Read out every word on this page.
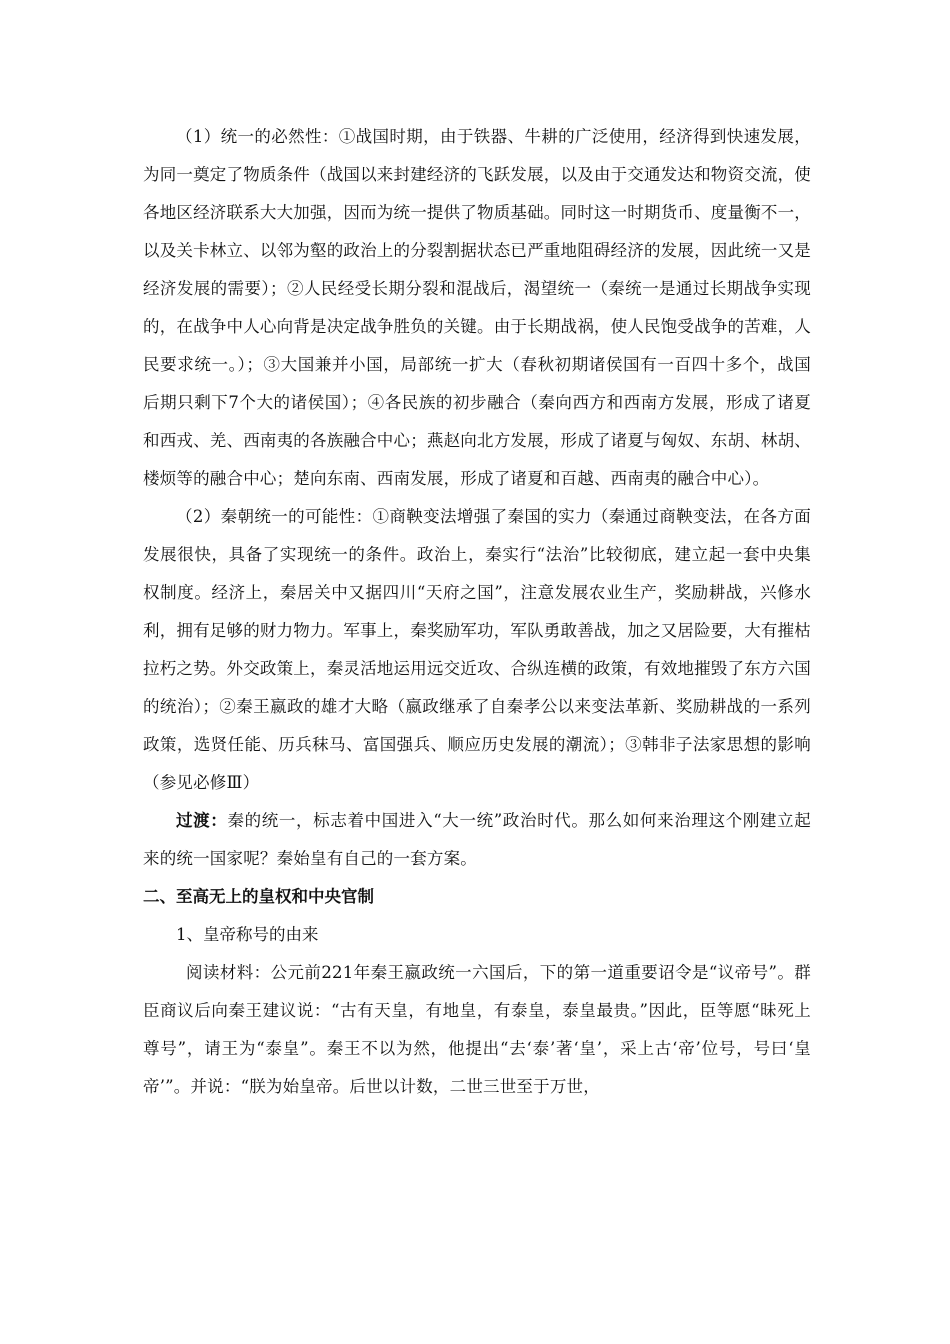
（1）统一的必然性：①战国时期，由于铁器、牛耕的广泛使用，经济得到快速发展，为同一奠定了物质条件（战国以来封建经济的飞跃发展，以及由于交通发达和物资交流，使各地区经济联系大大加强，因而为统一提供了物质基础。同时这一时期货币、度量衡不一，以及关卡林立、以邻为壑的政治上的分裂割据状态已严重地阻碍经济的发展，因此统一又是经济发展的需要）；②人民经受长期分裂和混战后，渴望统一（秦统一是通过长期战争实现的，在战争中人心向背是决定战争胜负的关键。由于长期战祸，使人民饱受战争的苦难，人民要求统一。）；③大国兼并小国，局部统一扩大（春秋初期诸侯国有一百四十多个，战国后期只剩下7个大的诸侯国）；④各民族的初步融合（秦向西方和西南方发展，形成了诸夏和西戎、羌、西南夷的各族融合中心；燕赵向北方发展，形成了诸夏与匈奴、东胡、林胡、楼烦等的融合中心；楚向东南、西南发展，形成了诸夏和百越、西南夷的融合中心）。

（2）秦朝统一的可能性：①商鞅变法增强了秦国的实力（秦通过商鞅变法，在各方面发展很快，具备了实现统一的条件。政治上，秦实行“法治”比较彻底，建立起一套中央集权制度。经济上，秦居关中又据四川“天府之国”，注意发展农业生产，奖励耕战，兴修水利，拥有足够的财力物力。军事上，秦奖励军功，军队勇敢善战，加之又居险要，大有摧枯拉朽之势。外交政策上，秦灵活地运用远交近攻、合纵连横的政策，有效地摧毁了东方六国的统治）；②秦王嬴政的雄才大略（嬴政继承了自秦孝公以来变法革新、奖励耕战的一系列政策，选贤任能、历兵秣马、富国强兵、顺应历史发展的潮流）；③韩非子法家思想的影响（参见必修Ⅲ）

过渡：秦的统一，标志着中国进入“大一统”政治时代。那么如何来治理这个刚建立起来的统一国家呢？秦始皇有自己的一套方案。

二、至高无上的皇权和中央官制

1、皇帝称号的由来

阅读材料：公元前221年秦王嬴政统一六国后，下的第一道重要诏令是“议帝号”。群臣商议后向秦王建议说：“古有天皇，有地皇，有泰皇，泰皇最贵。”因此，臣等愿“昧死上尊号”，请王为“泰皇”。秦王不以为然，他提出“去‘泰’著‘皇’，采上古‘帝’位号，号曰‘皇帝’”。并说：“朕为始皇帝。后世以计数，二世三世至于万世，
